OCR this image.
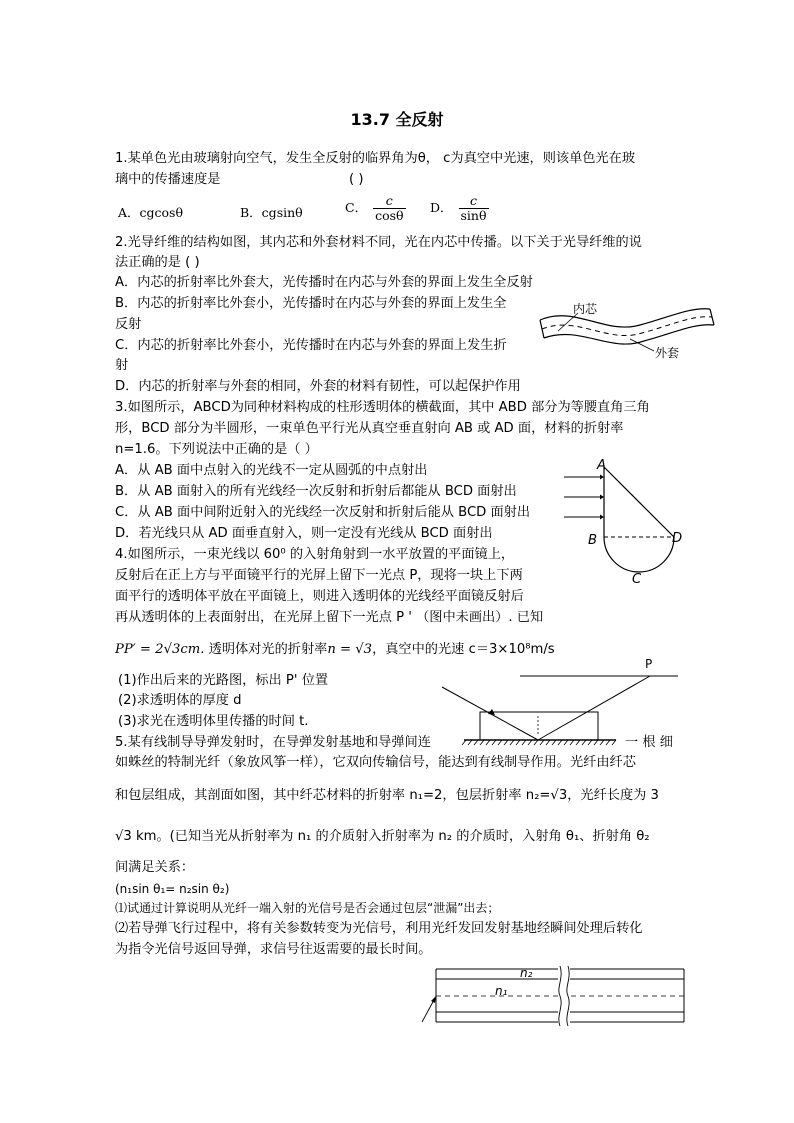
13.7 全反射
1.某单色光由玻璃射向空气，发生全反射的临界角为θ， c为真空中光速，则该单色光在玻
璃中的传播速度是	( )
A．cgcosθ	B．cgsinθ	C． $\frac{c}{\cos\theta}$ D． $\frac{c}{\sin\theta}$
2.光导纤维的结构如图，其内芯和外套材料不同，光在内芯中传播。以下关于光导纤维的说
法正确的是 ( )
A．内芯的折射率比外套大，光传播时在内芯与外套的界面上发生全反射
B．内芯的折射率比外套小，光传播时在内芯与外套的界面上发生全
反射
C．内芯的折射率比外套小，光传播时在内芯与外套的界面上发生折
射
D．内芯的折射率与外套的相同，外套的材料有韧性，可以起保护作用
内芯
外套
3.如图所示，ABCD为同种材料构成的柱形透明体的横截面，其中 ABD 部分为等腰直角三角
形，BCD 部分为半圆形，一束单色平行光从真空垂直射向 AB 或 AD 面，材料的折射率
n=1.6。下列说法中正确的是（ ）
A．从 AB 面中点射入的光线不一定从圆弧的中点射出
B．从 AB 面射入的所有光线经一次反射和折射后都能从 BCD 面射出
C．从 AB 面中间附近射入的光线经一次反射和折射后能从 BCD 面射出
D．若光线只从 AD 面垂直射入，则一定没有光线从 BCD 面射出
A
B
C
D
4.如图所示，一束光线以 60⁰ 的入射角射到一水平放置的平面镜上，
反射后在正上方与平面镜平行的光屏上留下一光点 P，现将一块上下两
面平行的透明体平放在平面镜上，则进入透明体的光线经平面镜反射后
再从透明体的上表面射出，在光屏上留下一光点 P ' （图中未画出）. 已知
PP′ = 2√3cm. 透明体对光的折射率n = √3，真空中的光速 c＝3×10⁸m/s
(1)作出后来的光路图，标出 P' 位置
(2)求透明体的厚度 d
(3)求光在透明体里传播的时间 t.
P
5.某有线制导导弹发射时，在导弹发射基地和导弹间连	一 根 细
如蛛丝的特制光纤（象放风筝一样），它双向传输信号，能达到有线制导作用。光纤由纤芯
和包层组成，其剖面如图，其中纤芯材料的折射率 n₁=2，包层折射率 n₂=√3，光纤长度为 3
√3 km。(已知当光从折射率为 n₁ 的介质射入折射率为 n₂ 的介质时，入射角 θ₁、折射角 θ₂
间满足关系：
(n₁sin θ₁= n₂sin θ₂)
⑴试通过计算说明从光纤一端入射的光信号是否会通过包层“泄漏”出去；
⑵若导弹飞行过程中，将有关参数转变为光信号，利用光纤发回发射基地经瞬间处理后转化
为指令光信号返回导弹，求信号往返需要的最长时间。
n₂
n₁
